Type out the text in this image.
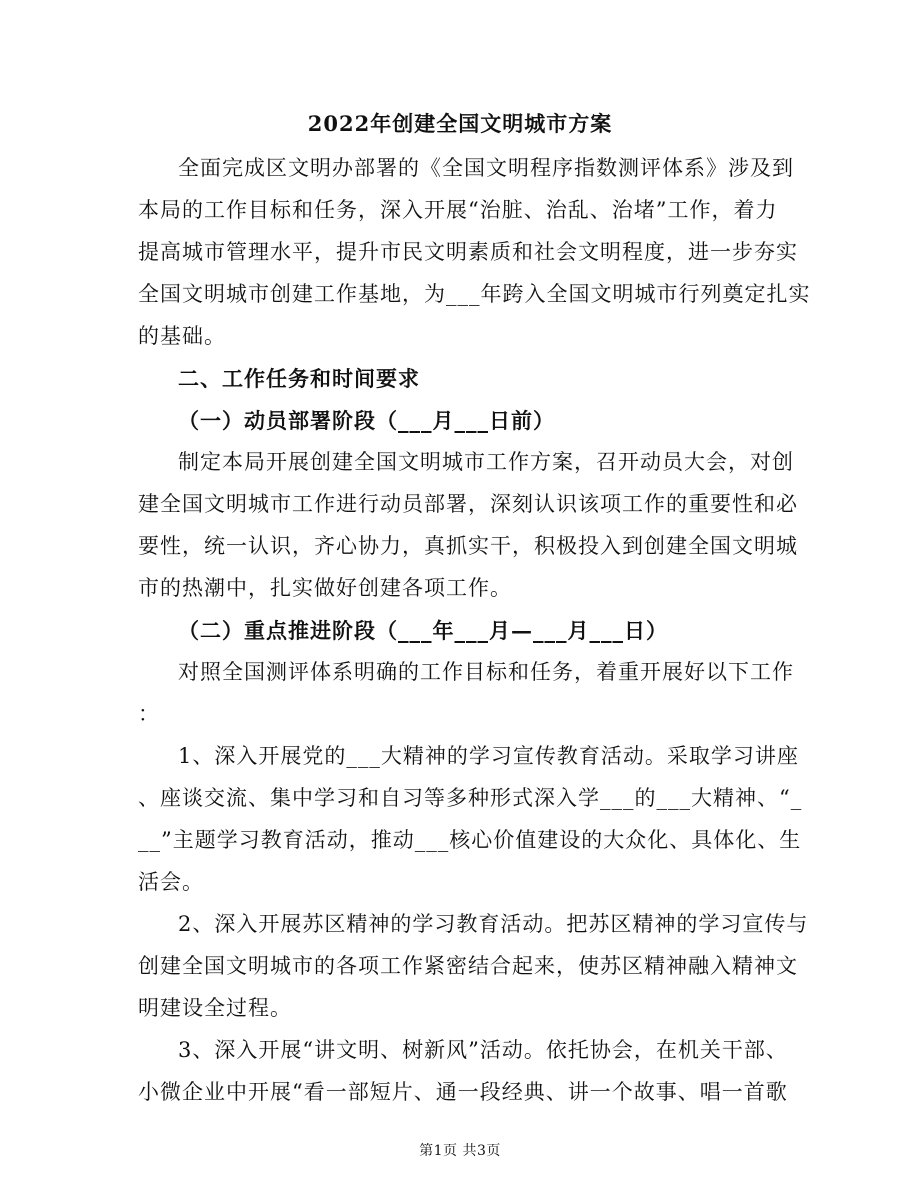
2022年创建全国文明城市方案
全面完成区文明办部署的《全国文明程序指数测评体系》涉及到
本局的工作目标和任务，深入开展“治脏、治乱、治堵”工作，着力
提高城市管理水平，提升市民文明素质和社会文明程度，进一步夯实
全国文明城市创建工作基地，为___年跨入全国文明城市行列奠定扎实
的基础。
二、工作任务和时间要求
（一）动员部署阶段（___月___日前）
制定本局开展创建全国文明城市工作方案，召开动员大会，对创
建全国文明城市工作进行动员部署，深刻认识该项工作的重要性和必
要性，统一认识，齐心协力，真抓实干，积极投入到创建全国文明城
市的热潮中，扎实做好创建各项工作。
（二）重点推进阶段（___年___月—___月___日）
对照全国测评体系明确的工作目标和任务，着重开展好以下工作
：
1、深入开展党的___大精神的学习宣传教育活动。采取学习讲座
、座谈交流、集中学习和自习等多种形式深入学___的___大精神、“_
__”主题学习教育活动，推动___核心价值建设的大众化、具体化、生
活会。
2、深入开展苏区精神的学习教育活动。把苏区精神的学习宣传与
创建全国文明城市的各项工作紧密结合起来，使苏区精神融入精神文
明建设全过程。
3、深入开展“讲文明、树新风”活动。依托协会，在机关干部、
小微企业中开展“看一部短片、通一段经典、讲一个故事、唱一首歌
第1页 共3页
